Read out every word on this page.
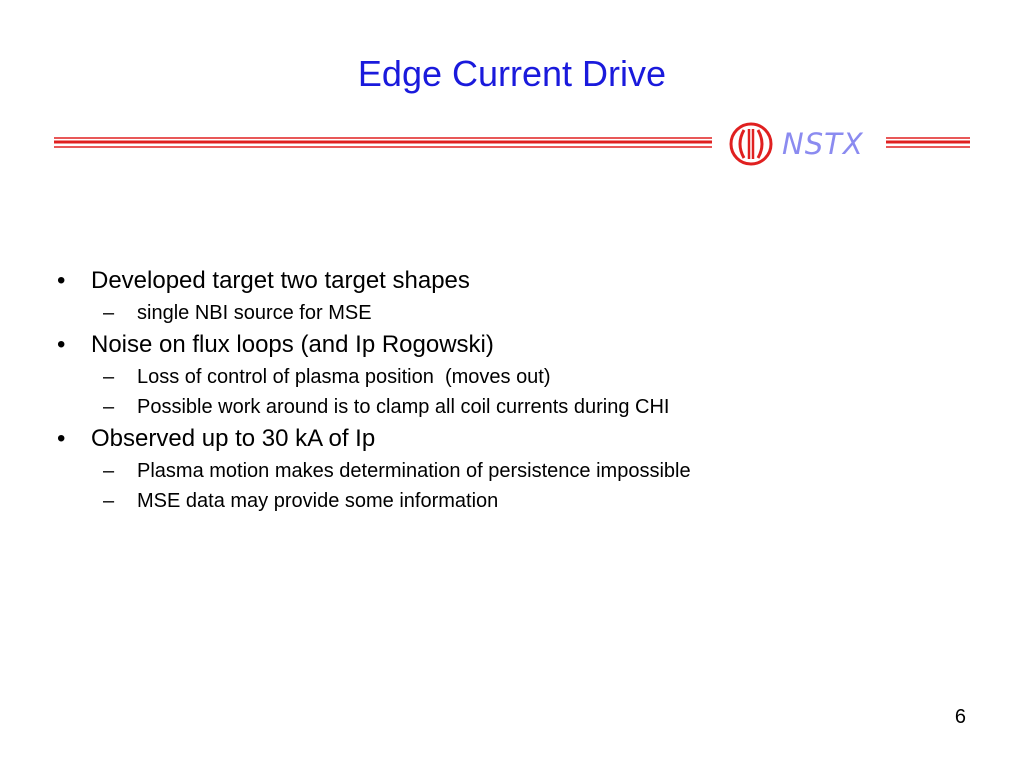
Edge Current Drive
NSTX
• Developed target two target shapes
– single NBI source for MSE
• Noise on flux loops (and Ip Rogowski)
– Loss of control of plasma position  (moves out)
– Possible work around is to clamp all coil currents during CHI
• Observed up to 30 kA of Ip
– Plasma motion makes determination of persistence impossible
– MSE data may provide some information
6
